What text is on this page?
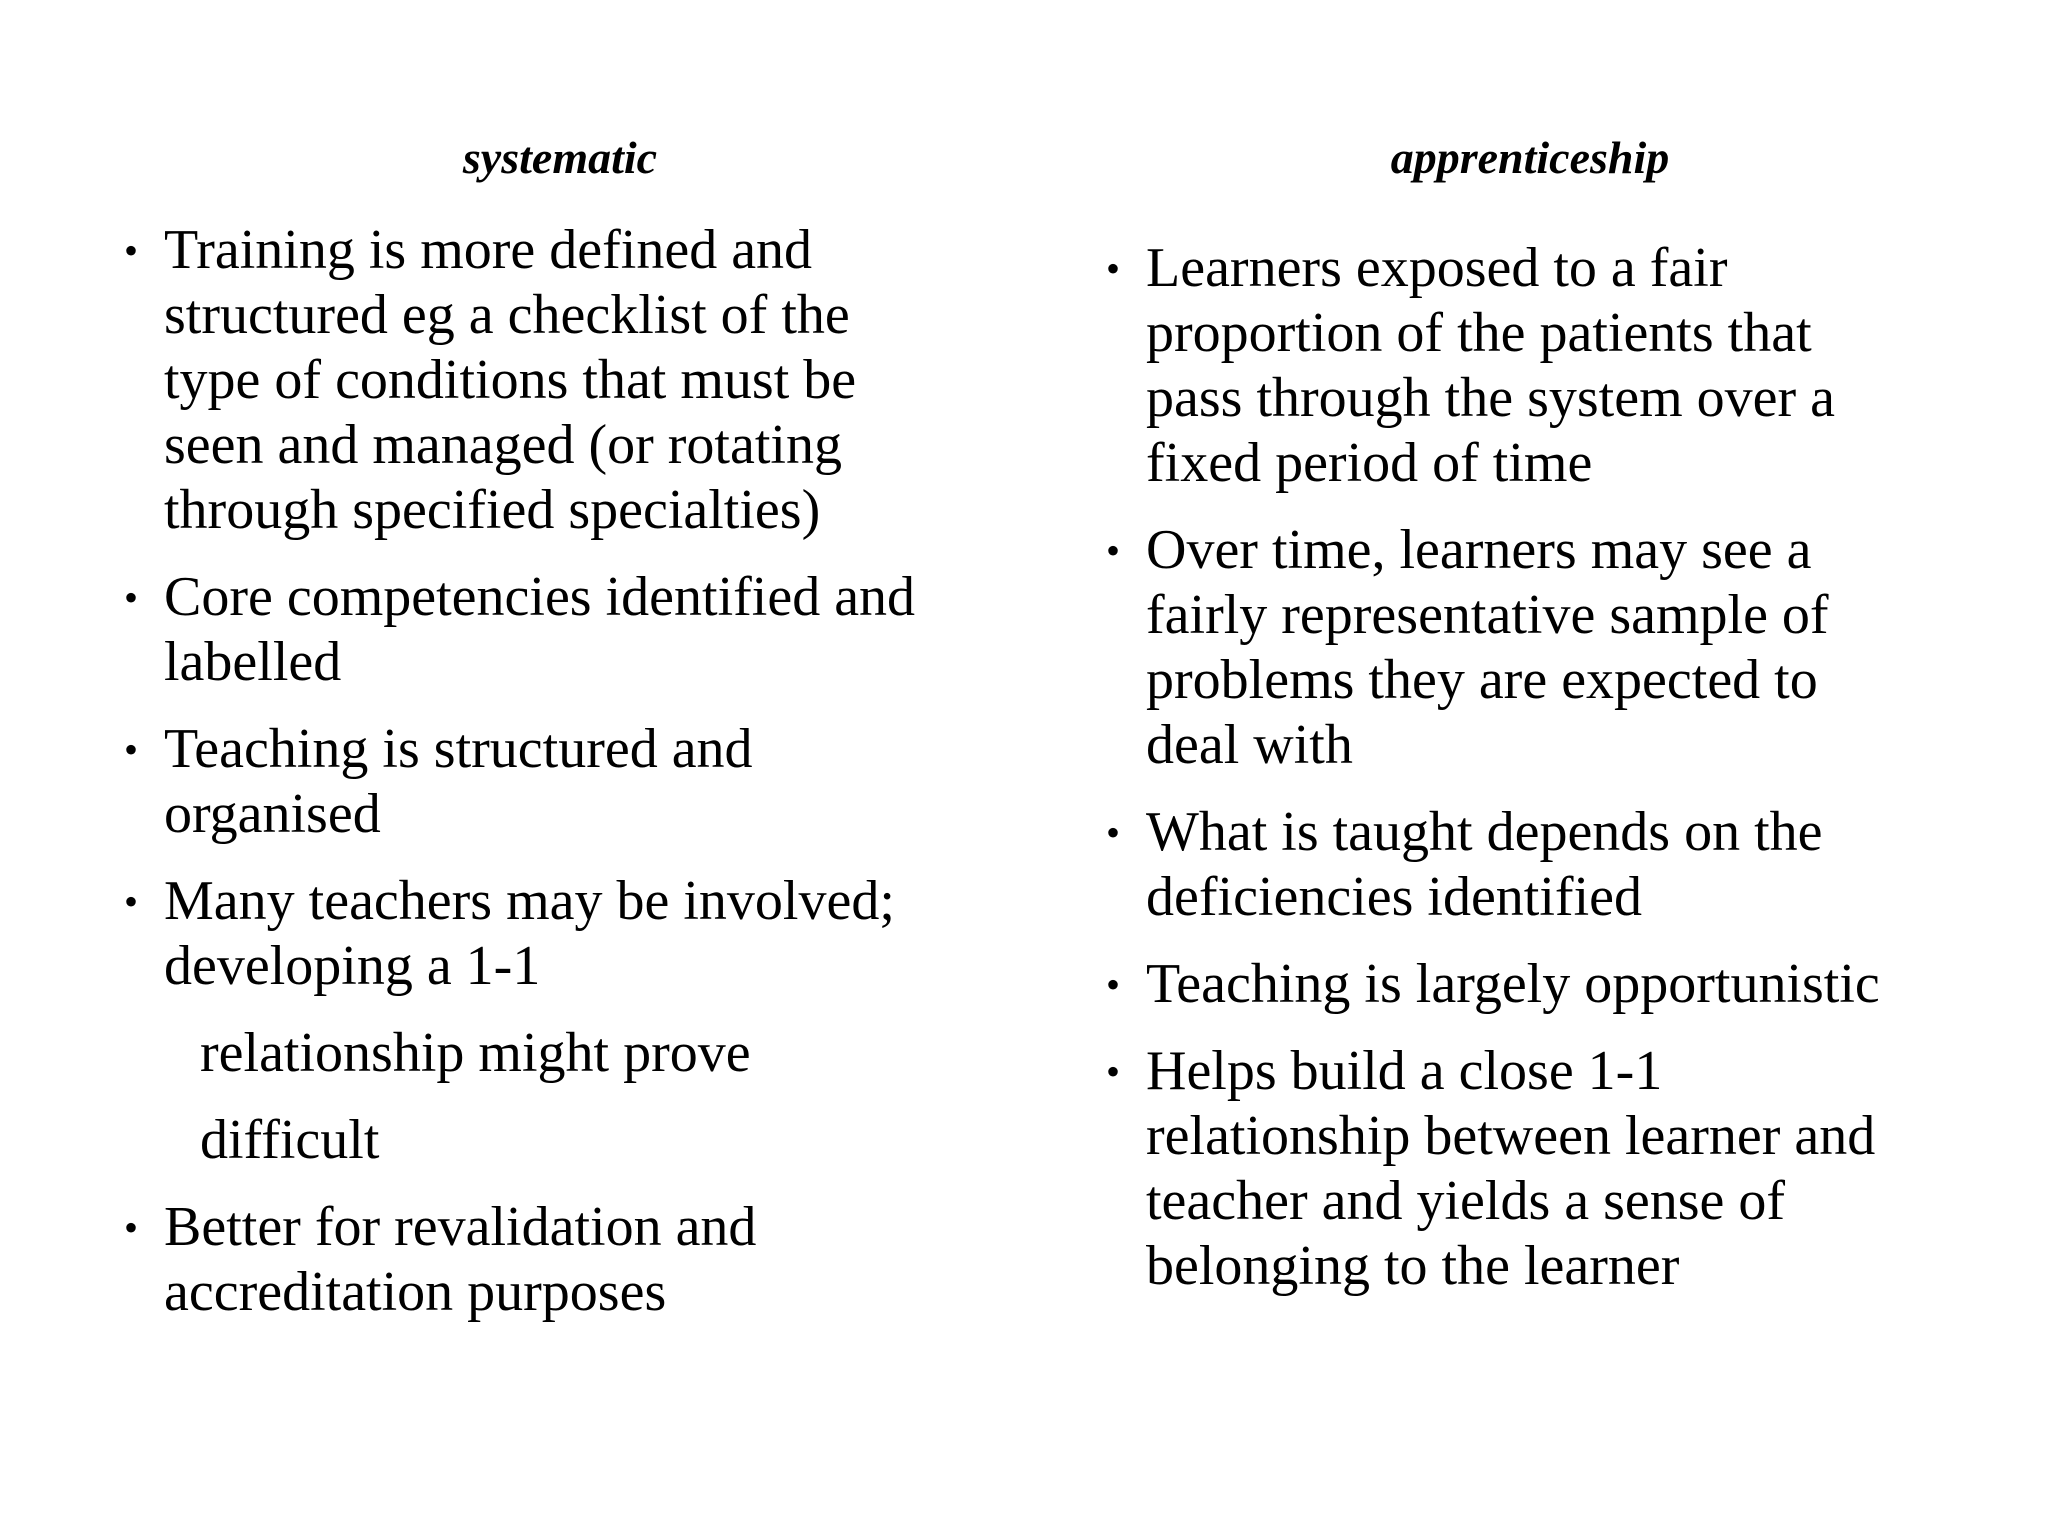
systematic	apprenticeship
• Training is more defined and
structured eg a checklist of the
type of conditions that must be
seen and managed (or rotating
through specified specialties)
• Core competencies identified and
labelled
• Teaching is structured and
organised
• Many teachers may be involved;
developing a 1-1
relationship might prove
difficult
• Better for revalidation and
accreditation purposes
• Learners exposed to a fair
proportion of the patients that
pass through the system over a
fixed period of time
• Over time, learners may see a
fairly representative sample of
problems they are expected to
deal with
• What is taught depends on the
deficiencies identified
• Teaching is largely opportunistic
• Helps build a close 1-1
relationship between learner and
teacher and yields a sense of
belonging to the learner
